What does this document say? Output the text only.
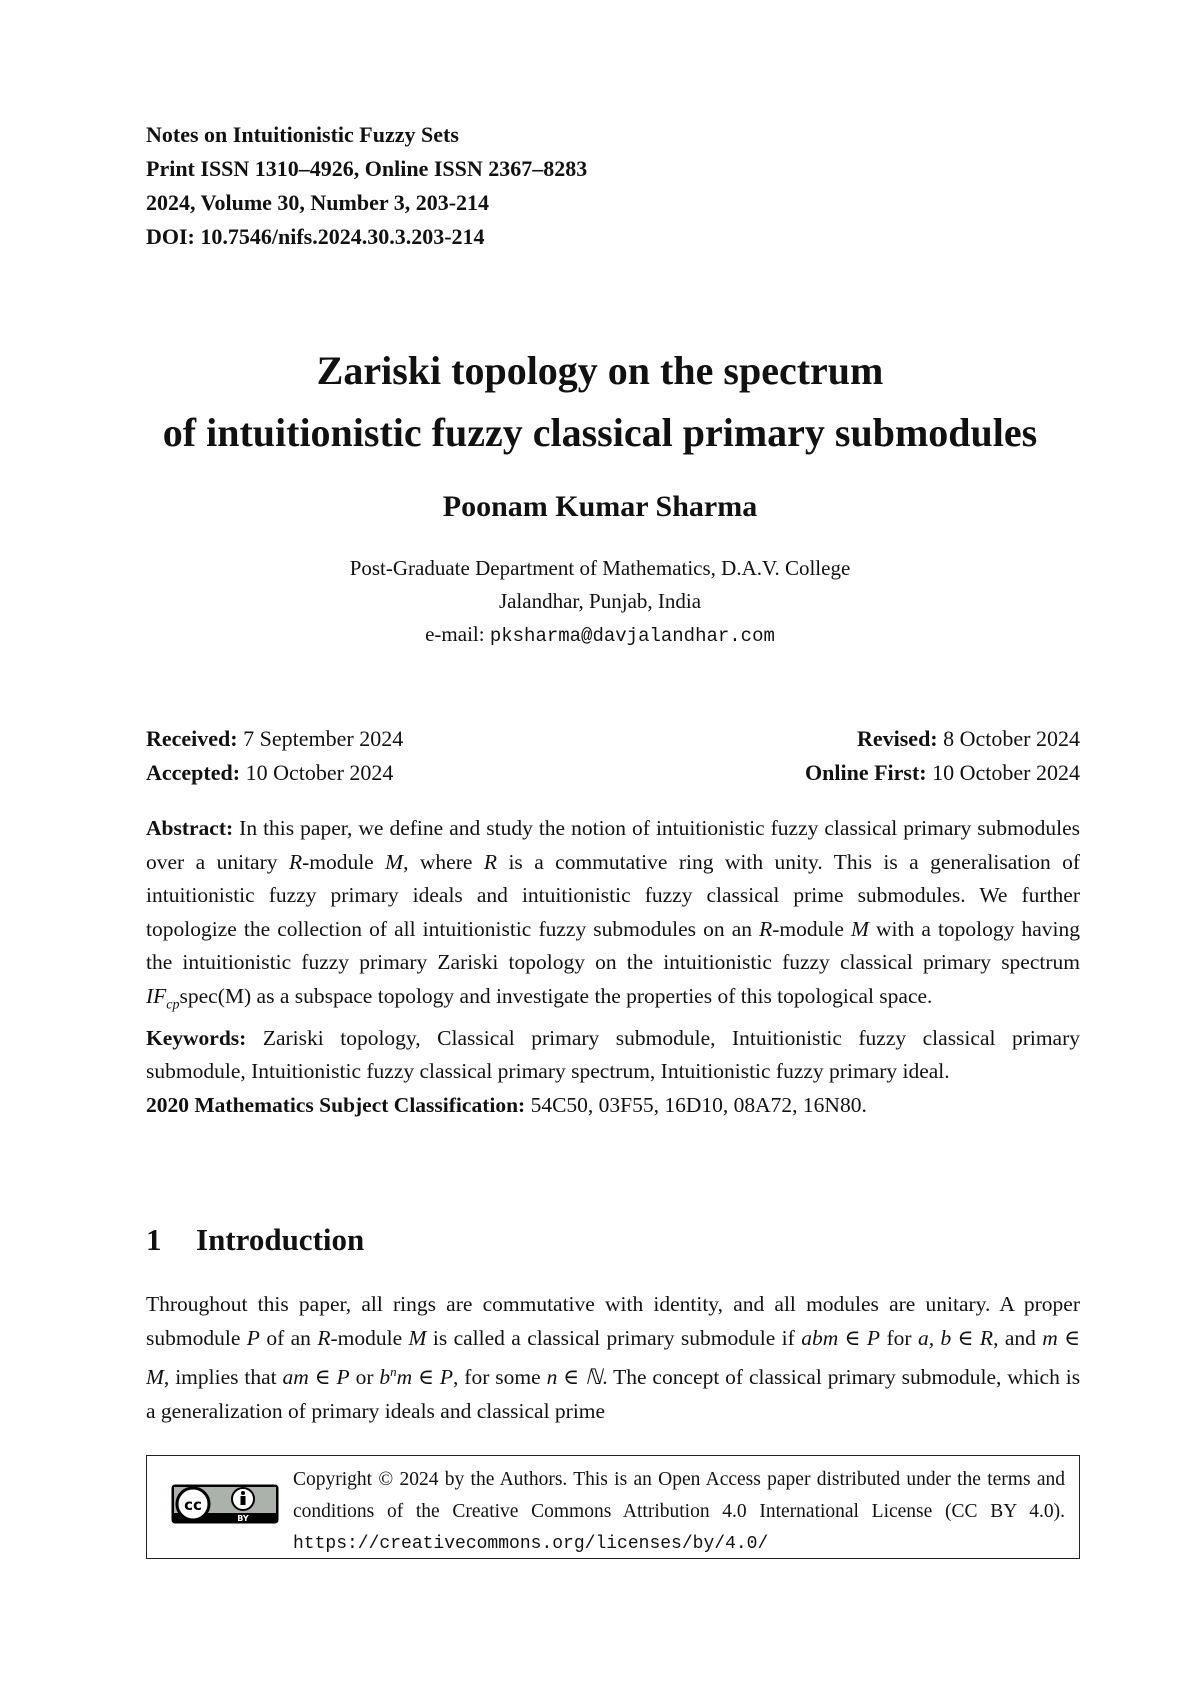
Notes on Intuitionistic Fuzzy Sets
Print ISSN 1310–4926, Online ISSN 2367–8283
2024, Volume 30, Number 3, 203-214
DOI: 10.7546/nifs.2024.30.3.203-214
Zariski topology on the spectrum
of intuitionistic fuzzy classical primary submodules
Poonam Kumar Sharma
Post-Graduate Department of Mathematics, D.A.V. College
Jalandhar, Punjab, India
e-mail: pksharma@davjalandhar.com
Received: 7 September 2024	Revised: 8 October 2024
Accepted: 10 October 2024	Online First: 10 October 2024

Abstract: In this paper, we define and study the notion of intuitionistic fuzzy classical primary submodules over a unitary R-module M, where R is a commutative ring with unity. This is a generalisation of intuitionistic fuzzy primary ideals and intuitionistic fuzzy classical prime submodules. We further topologize the collection of all intuitionistic fuzzy submodules on an R-module M with a topology having the intuitionistic fuzzy primary Zariski topology on the intuitionistic fuzzy classical primary spectrum $IF_{cp}spec(M)$ as a subspace topology and investigate the properties of this topological space.

Keywords: Zariski topology, Classical primary submodule, Intuitionistic fuzzy classical primary submodule, Intuitionistic fuzzy classical primary spectrum, Intuitionistic fuzzy primary ideal.

2020 Mathematics Subject Classification: 54C50, 03F55, 16D10, 08A72, 16N80.

1 Introduction

Throughout this paper, all rings are commutative with identity, and all modules are unitary. A proper submodule P of an R-module M is called a classical primary submodule if abm ∈ P for a, b ∈ R, and m ∈ M, implies that am ∈ P or $b^nm$ ∈ P, for some n ∈ ℕ. The concept of classical primary submodule, which is a generalization of primary ideals and classical prime

cc
BY
Copyright © 2024 by the Authors. This is an Open Access paper distributed under the terms and conditions of the Creative Commons Attribution 4.0 International License (CC BY 4.0). https://creativecommons.org/licenses/by/4.0/
